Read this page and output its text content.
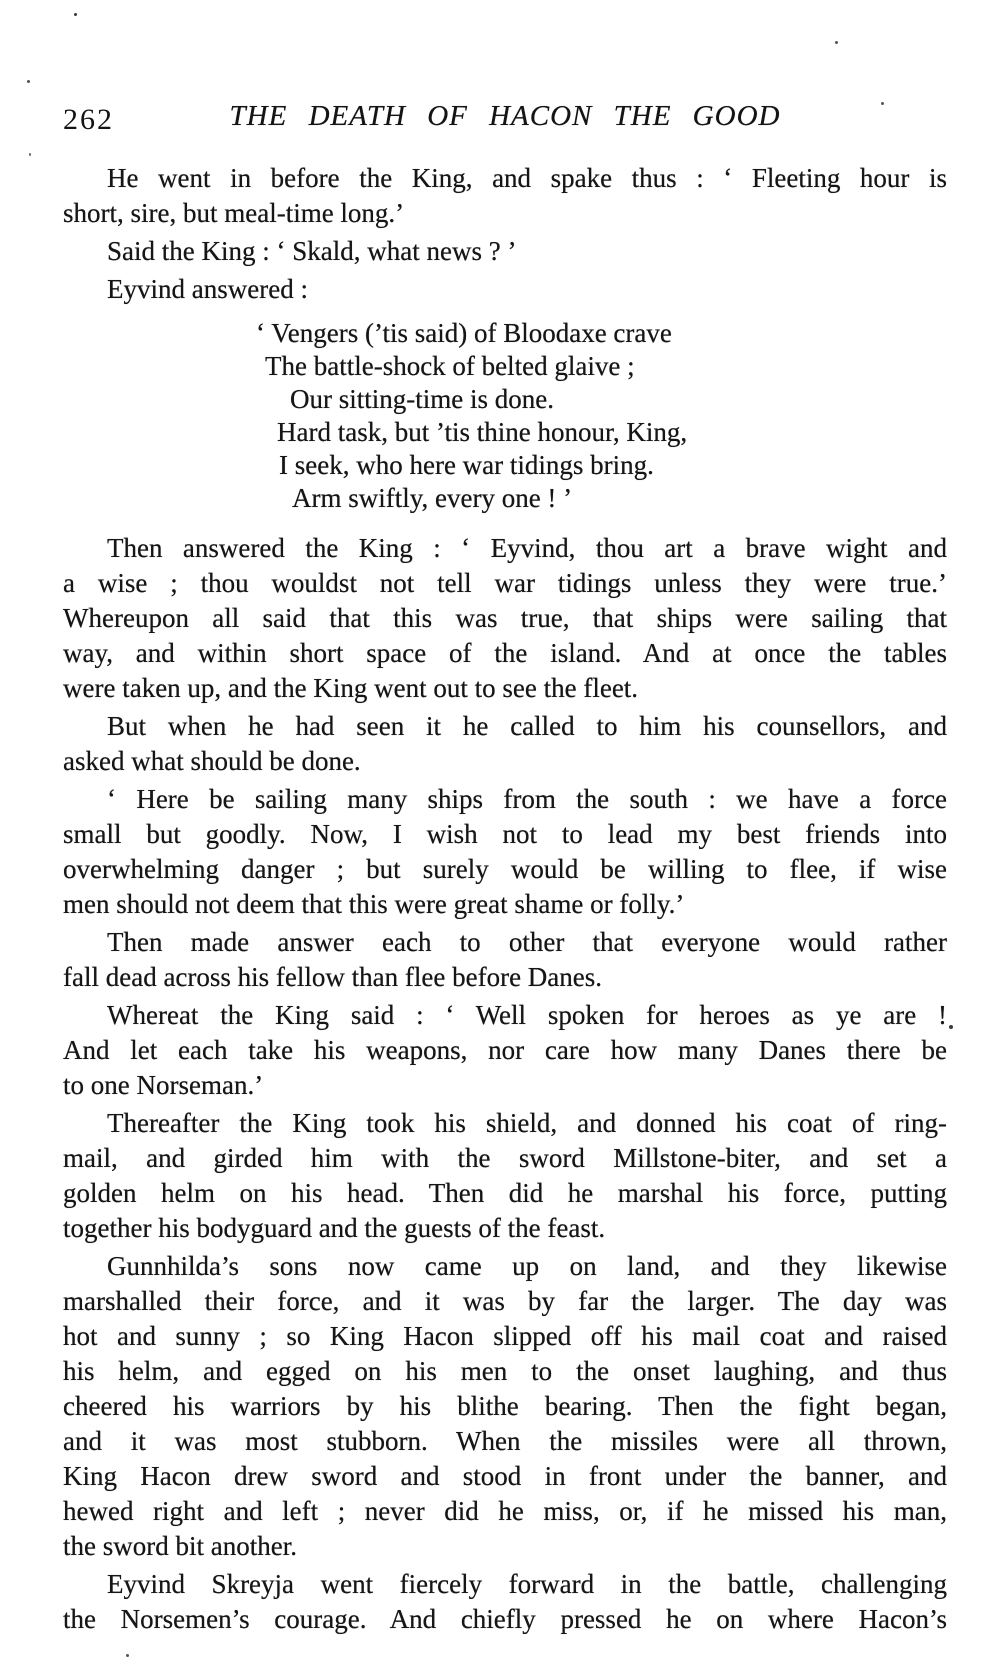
262	THE DEATH OF HACON THE GOOD
He went in before the King, and spake thus : ‘ Fleeting hour is
short, sire, but meal-time long.’
Said the King : ‘ Skald, what news ? ’
Eyvind answered :
‘ Vengers (’tis said) of Bloodaxe crave
The battle-shock of belted glaive ;
Our sitting-time is done.
Hard task, but ’tis thine honour, King,
I seek, who here war tidings bring.
Arm swiftly, every one ! ’
Then answered the King : ‘ Eyvind, thou art a brave wight and
a wise ; thou wouldst not tell war tidings unless they were true.’
Whereupon all said that this was true, that ships were sailing that
way, and within short space of the island. And at once the tables
were taken up, and the King went out to see the fleet.
But when he had seen it he called to him his counsellors, and
asked what should be done.
‘ Here be sailing many ships from the south : we have a force
small but goodly. Now, I wish not to lead my best friends into
overwhelming danger ; but surely would be willing to flee, if wise
men should not deem that this were great shame or folly.’
Then made answer each to other that everyone would rather
fall dead across his fellow than flee before Danes.
Whereat the King said : ‘ Well spoken for heroes as ye are !
And let each take his weapons, nor care how many Danes there be
to one Norseman.’
Thereafter the King took his shield, and donned his coat of ring-
mail, and girded him with the sword Millstone-biter, and set a
golden helm on his head. Then did he marshal his force, putting
together his bodyguard and the guests of the feast.
Gunnhilda’s sons now came up on land, and they likewise
marshalled their force, and it was by far the larger. The day was
hot and sunny ; so King Hacon slipped off his mail coat and raised
his helm, and egged on his men to the onset laughing, and thus
cheered his warriors by his blithe bearing. Then the fight began,
and it was most stubborn. When the missiles were all thrown,
King Hacon drew sword and stood in front under the banner, and
hewed right and left ; never did he miss, or, if he missed his man,
the sword bit another.
Eyvind Skreyja went fiercely forward in the battle, challenging
the Norsemen’s courage. And chiefly pressed he on where Hacon’s
